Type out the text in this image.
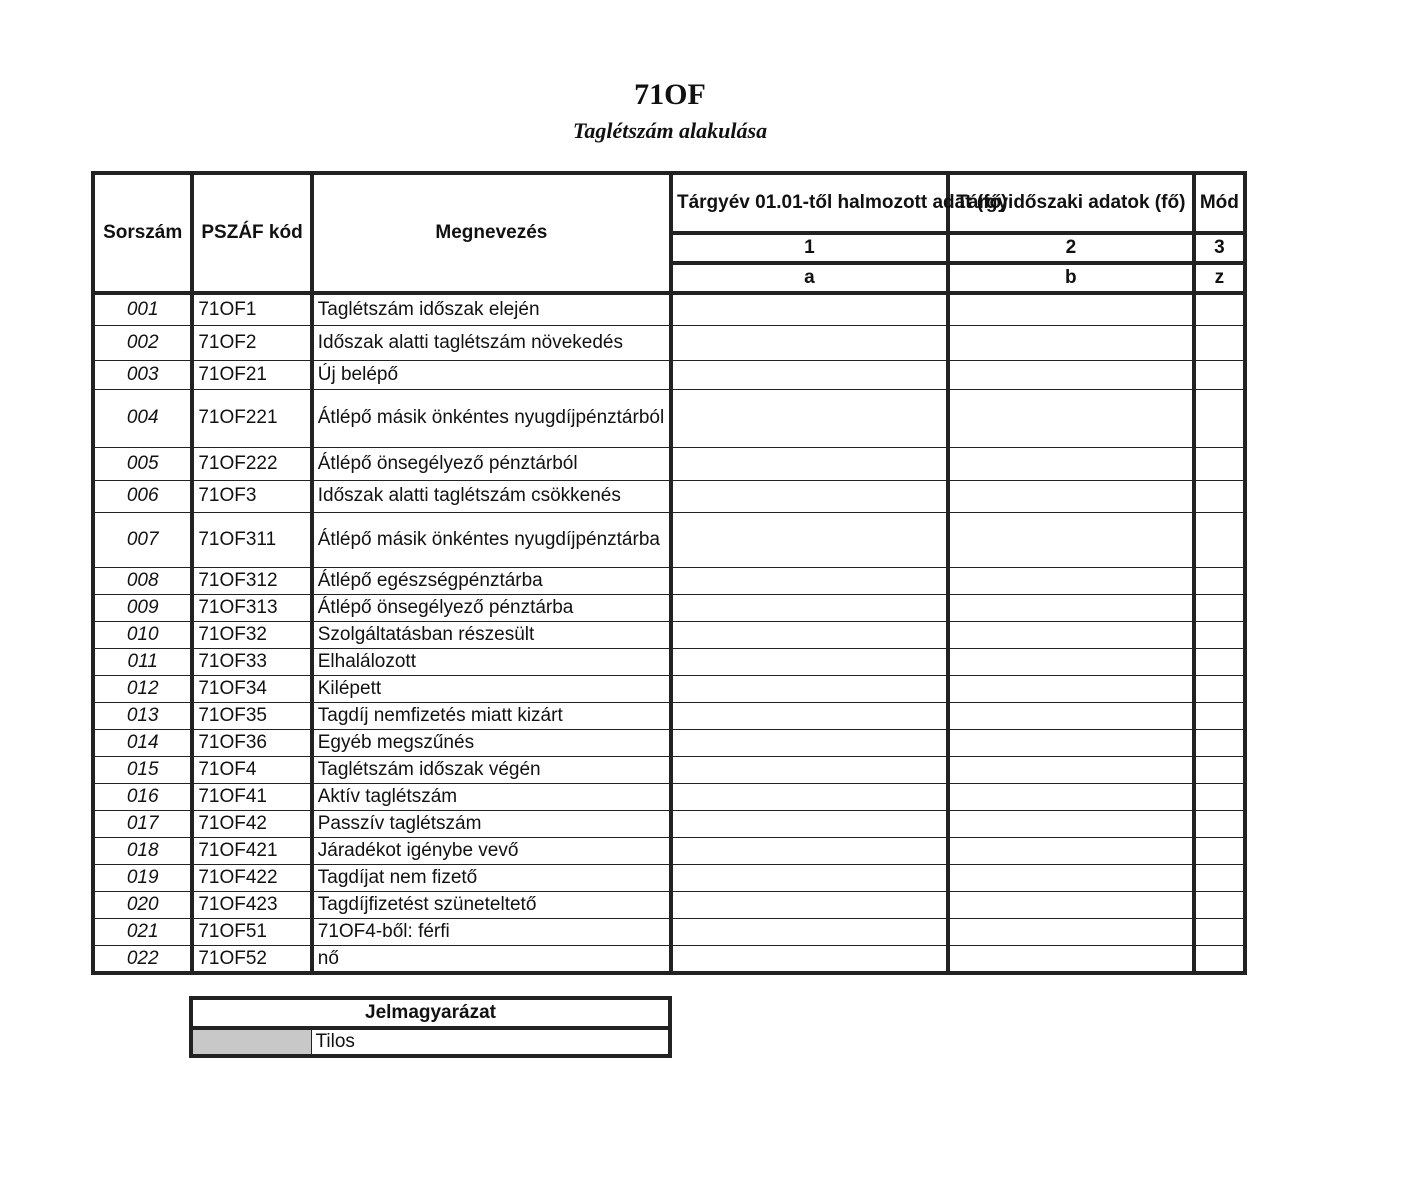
71OF
Taglétszám alakulása
Sorszám	PSZÁF kód	Megnevezés	Tárgyév 01.01-től halmozott adat (fő)	Tárgyidőszaki adatok (fő)	Mód
			1	2	3
			a	b	z
001	71OF1	Taglétszám időszak elején			
002	71OF2	Időszak alatti taglétszám növekedés			
003	71OF21	Új belépő			
004	71OF221	Átlépő másik önkéntes nyugdíjpénztárból			
005	71OF222	Átlépő önsegélyező pénztárból			
006	71OF3	Időszak alatti taglétszám csökkenés			
007	71OF311	Átlépő másik önkéntes nyugdíjpénztárba			
008	71OF312	Átlépő egészségpénztárba			
009	71OF313	Átlépő önsegélyező pénztárba			
010	71OF32	Szolgáltatásban részesült			
011	71OF33	Elhalálozott			
012	71OF34	Kilépett			
013	71OF35	Tagdíj nemfizetés miatt kizárt			
014	71OF36	Egyéb megszűnés			
015	71OF4	Taglétszám időszak végén			
016	71OF41	Aktív taglétszám			
017	71OF42	Passzív taglétszám			
018	71OF421	Járadékot igénybe vevő			
019	71OF422	Tagdíjat nem fizető			
020	71OF423	Tagdíjfizetést szüneteltető			
021	71OF51	71OF4-ből: férfi			
022	71OF52	nő			
Jelmagyarázat
	Tilos
